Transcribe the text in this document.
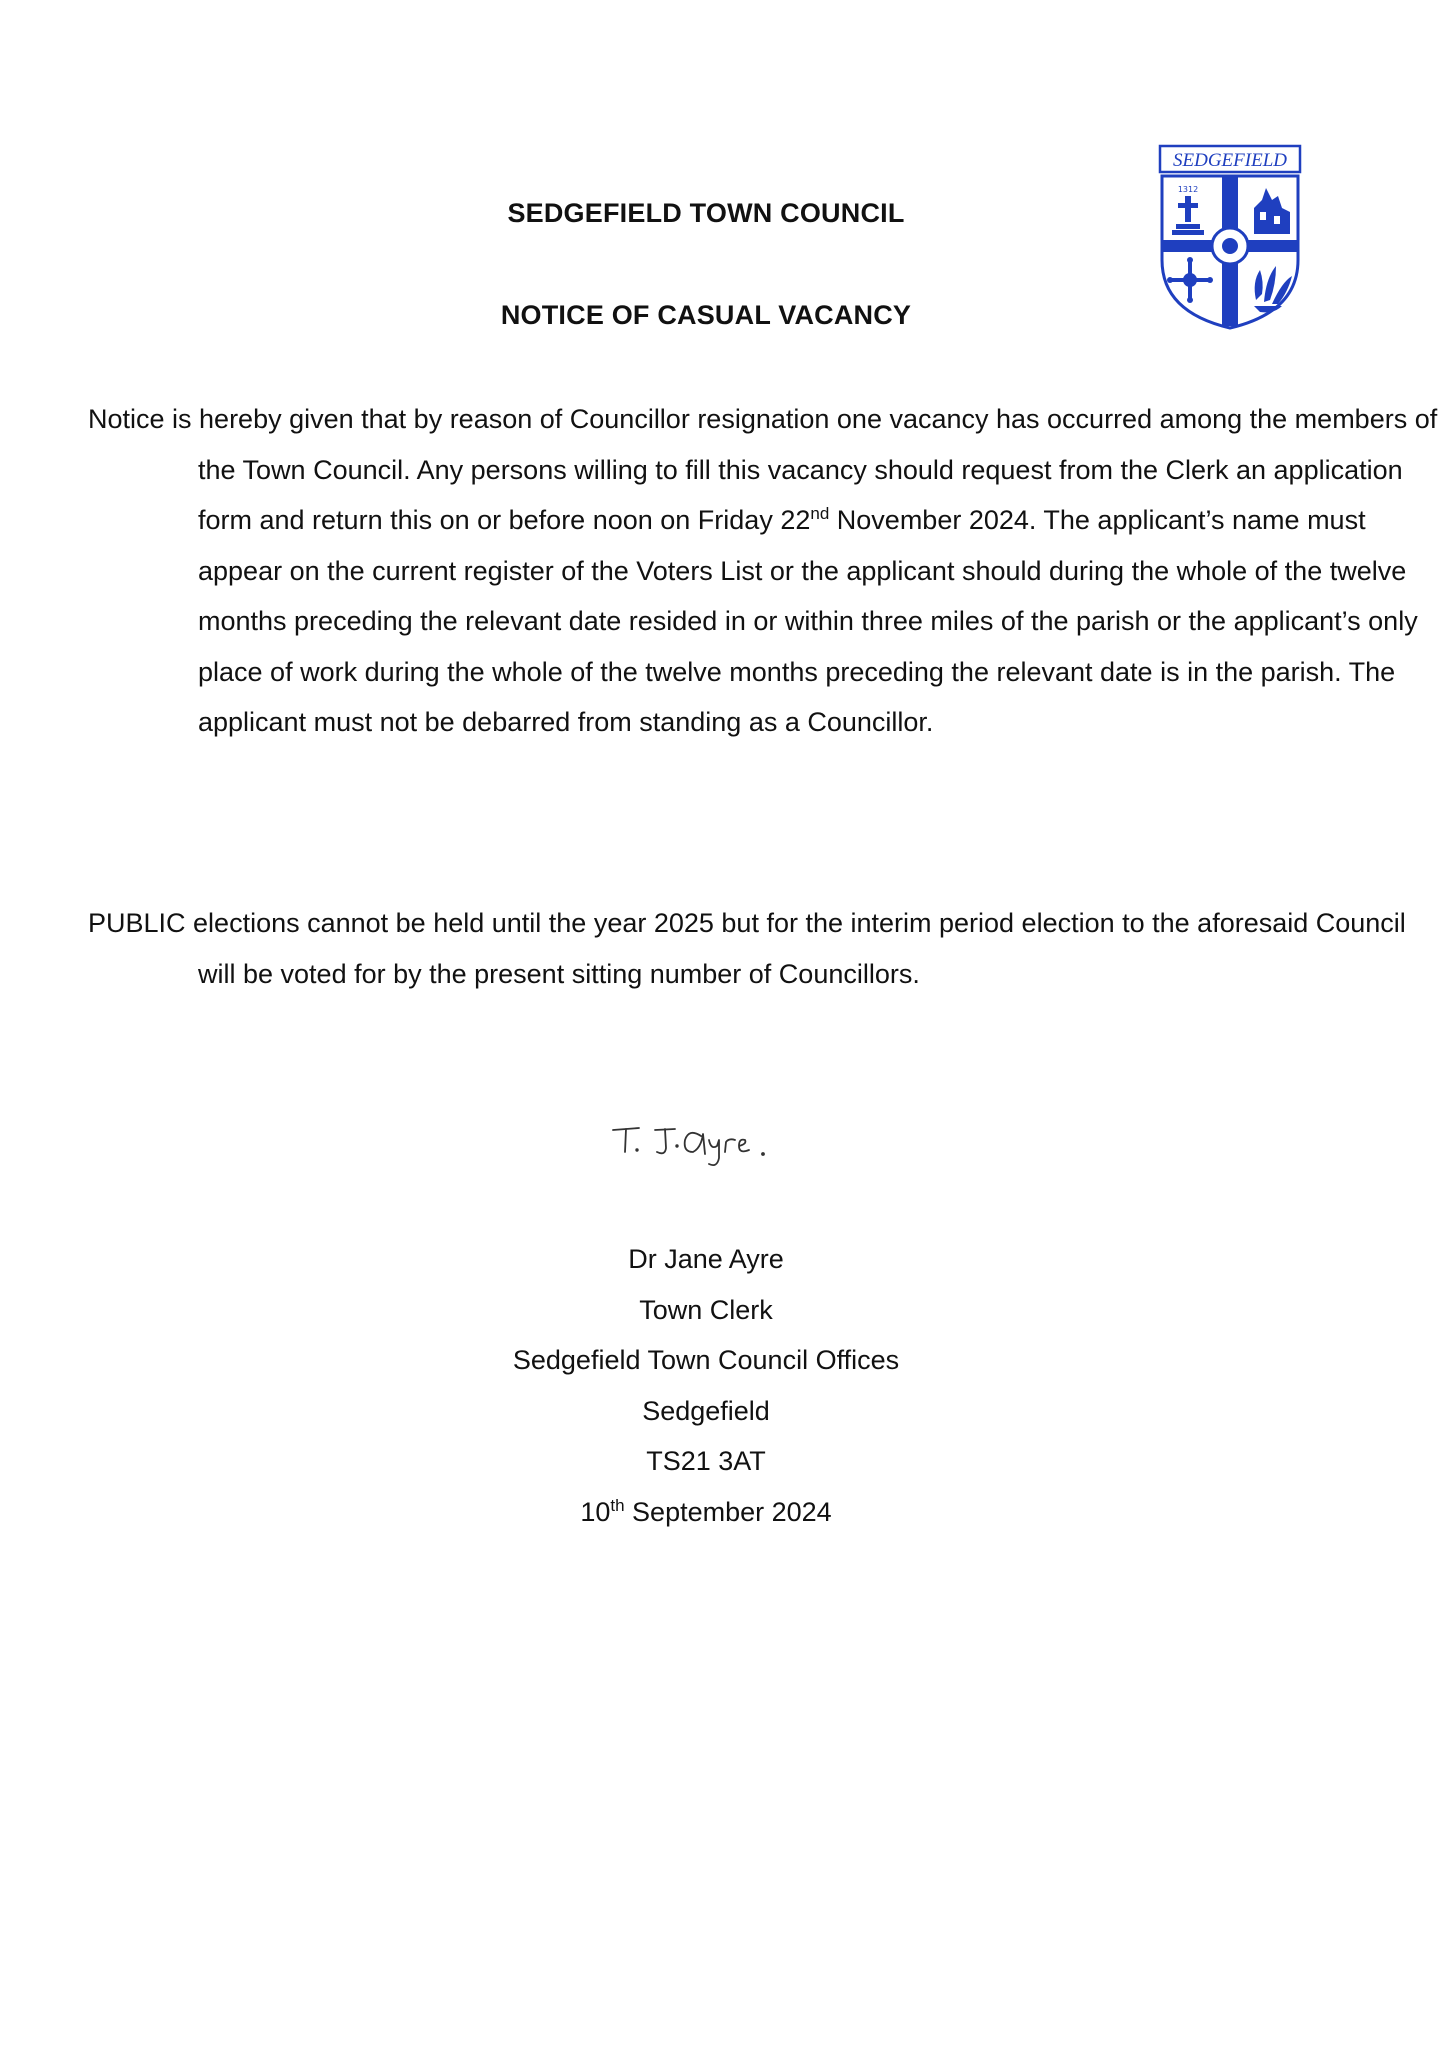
SEDGEFIELD TOWN COUNCIL
NOTICE OF CASUAL VACANCY
SEDGEFIELD
1312

Notice is hereby given that by reason of Councillor resignation one vacancy has occurred among the members of the Town Council. Any persons willing to fill this vacancy should request from the Clerk an application form and return this on or before noon on Friday 22nd November 2024. The applicant’s name must appear on the current register of the Voters List or the applicant should during the whole of the twelve months preceding the relevant date resided in or within three miles of the parish or the applicant’s only place of work during the whole of the twelve months preceding the relevant date is in the parish. The applicant must not be debarred from standing as a Councillor.

PUBLIC elections cannot be held until the year 2025 but for the interim period election to the aforesaid Council will be voted for by the present sitting number of Councillors.

Dr Jane Ayre
Town Clerk
Sedgefield Town Council Offices
Sedgefield
TS21 3AT
10th September 2024
